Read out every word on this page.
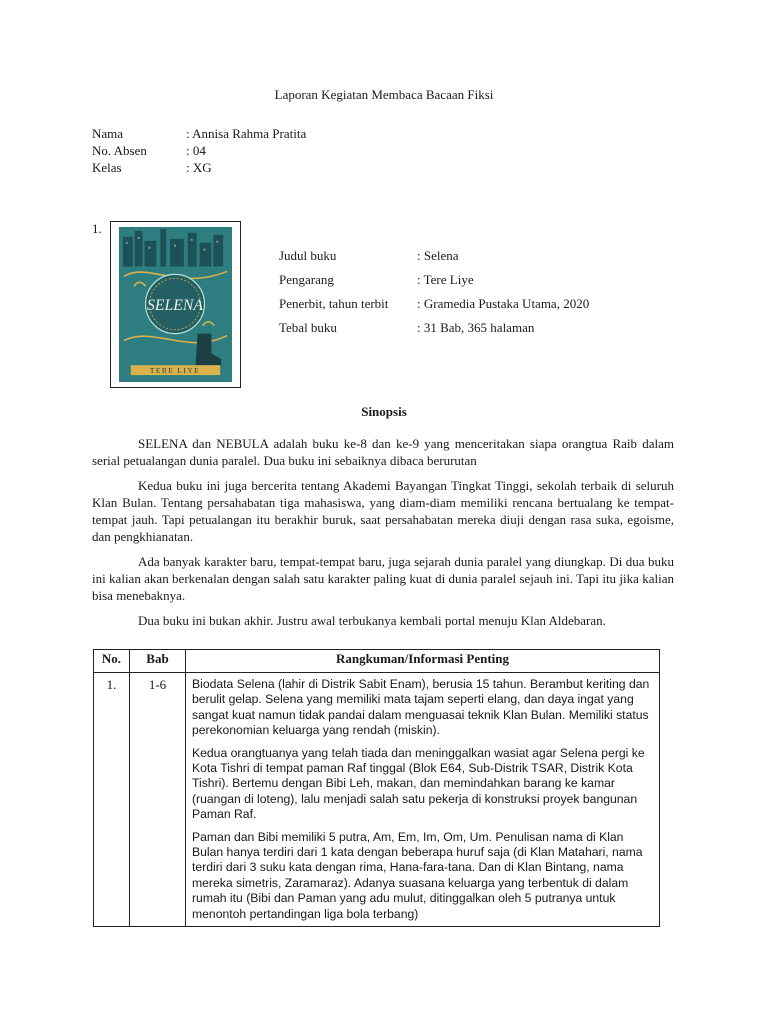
Laporan Kegiatan Membaca Bacaan Fiksi
Nama	: Annisa Rahma Pratita
No. Absen	: 04
Kelas	: XG
1.
SELENA
TERE LIYE
Judul buku	: Selena
Pengarang	: Tere Liye
Penerbit, tahun terbit	: Gramedia Pustaka Utama, 2020
Tebal buku	: 31 Bab, 365 halaman
Sinopsis

SELENA dan NEBULA adalah buku ke-8 dan ke-9 yang menceritakan siapa orangtua Raib dalam serial petualangan dunia paralel. Dua buku ini sebaiknya dibaca berurutan

Kedua buku ini juga bercerita tentang Akademi Bayangan Tingkat Tinggi, sekolah terbaik di seluruh Klan Bulan. Tentang persahabatan tiga mahasiswa, yang diam-diam memiliki rencana bertualang ke tempat-tempat jauh. Tapi petualangan itu berakhir buruk, saat persahabatan mereka diuji dengan rasa suka, egoisme, dan pengkhianatan.

Ada banyak karakter baru, tempat-tempat baru, juga sejarah dunia paralel yang diungkap. Di dua buku ini kalian akan berkenalan dengan salah satu karakter paling kuat di dunia paralel sejauh ini. Tapi itu jika kalian bisa menebaknya.

Dua buku ini bukan akhir. Justru awal terbukanya kembali portal menuju Klan Aldebaran.

No.	Bab	Rangkuman/Informasi Penting
1.	1-6	Biodata Selena (lahir di Distrik Sabit Enam), berusia 15 tahun. Berambut keriting dan berulit gelap. Selena yang memiliki mata tajam seperti elang, dan daya ingat yang sangat kuat namun tidak pandai dalam menguasai teknik Klan Bulan. Memiliki status perekonomian keluarga yang rendah (miskin).

Kedua orangtuanya yang telah tiada dan meninggalkan wasiat agar Selena pergi ke Kota Tishri di tempat paman Raf tinggal (Blok E64, Sub-Distrik TSAR, Distrik Kota Tishri). Bertemu dengan Bibi Leh, makan, dan memindahkan barang ke kamar (ruangan di loteng), lalu menjadi salah satu pekerja di konstruksi proyek bangunan Paman Raf.

Paman dan Bibi memiliki 5 putra, Am, Em, Im, Om, Um. Penulisan nama di Klan Bulan hanya terdiri dari 1 kata dengan beberapa huruf saja (di Klan Matahari, nama terdiri dari 3 suku kata dengan rima, Hana-fara-tana. Dan di Klan Bintang, nama mereka simetris, Zaramaraz). Adanya suasana keluarga yang terbentuk di dalam rumah itu (Bibi dan Paman yang adu mulut, ditinggalkan oleh 5 putranya untuk menontoh pertandingan liga bola terbang)
